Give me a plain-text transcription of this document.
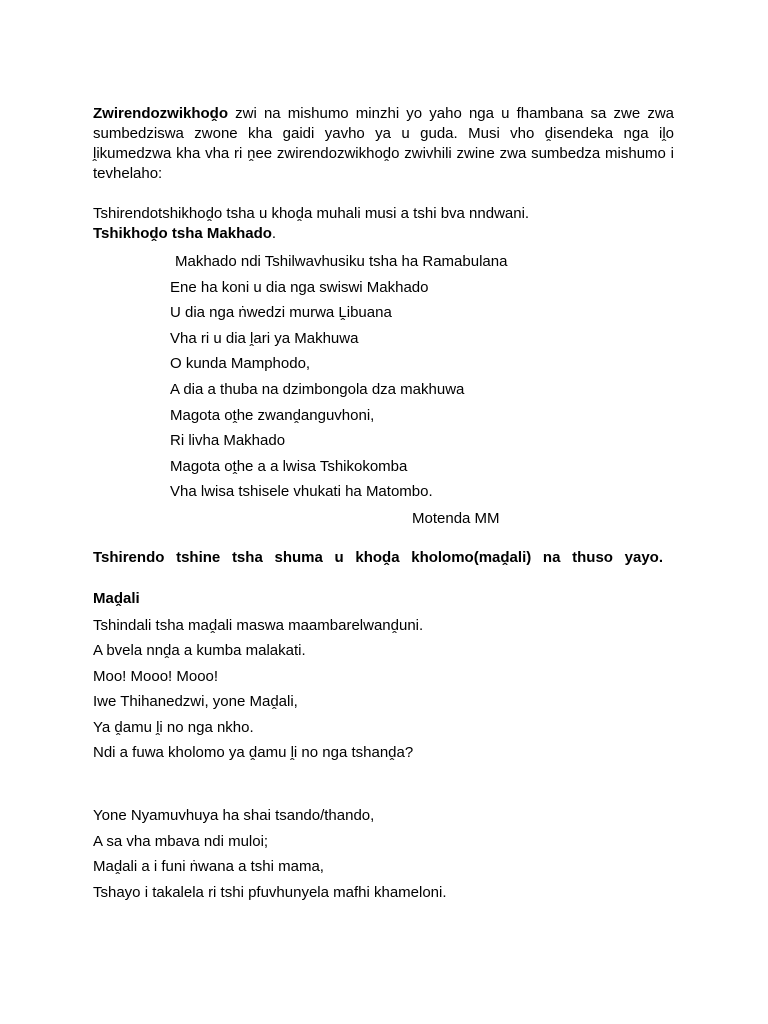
Zwirendozwikhoḓo zwi na mishumo minzhi yo yaho nga u fhambana sa zwe zwa sumbedziswa zwone kha gaidi yavho ya u guda. Musi vho ḓisendeka nga iḽo ḽikumedzwa kha vha ri ṋee zwirendozwikhoḓo zwivhili zwine zwa sumbedza mishumo i tevhelaho:

Tshirendotshikhoḓo tsha u khoḓa muhali musi a tshi bva nndwani.
Tshikhoḓo tsha Makhado.
Makhado ndi Tshilwavhusiku tsha ha Ramabulana
Ene ha koni u dia nga swiswi Makhado
U dia nga ṅwedzi murwa Ḽibuana
Vha ri u dia ḽari ya Makhuwa
O kunda Mamphodo,
A dia a thuba na dzimbongola dza makhuwa
Magota oṱhe zwanḓanguvhoni,
Ri livha Makhado
Magota oṱhe a a lwisa Tshikokomba
Vha lwisa tshisele vhukati ha Matombo.
Motenda MM
Tshirendo tshine tsha shuma u khoḓa kholomo(maḓali) na thuso yayo.
Maḓali
Tshindali tsha maḓali maswa maambarelwanḓuni.
A bvela nnḓa a kumba malakati.
Moo! Mooo! Mooo!
Iwe Thihanedzwi, yone Maḓali,
Ya ḓamu ḽi no nga nkho.
Ndi a fuwa kholomo ya ḓamu ḽi no nga tshanḓa?
Yone Nyamuvhuya ha shai tsando/thando,
A sa vha mbava ndi muloi;
Maḓali a i funi ṅwana a tshi mama,
Tshayo i takalela ri tshi pfuvhunyela mafhi khameloni.
